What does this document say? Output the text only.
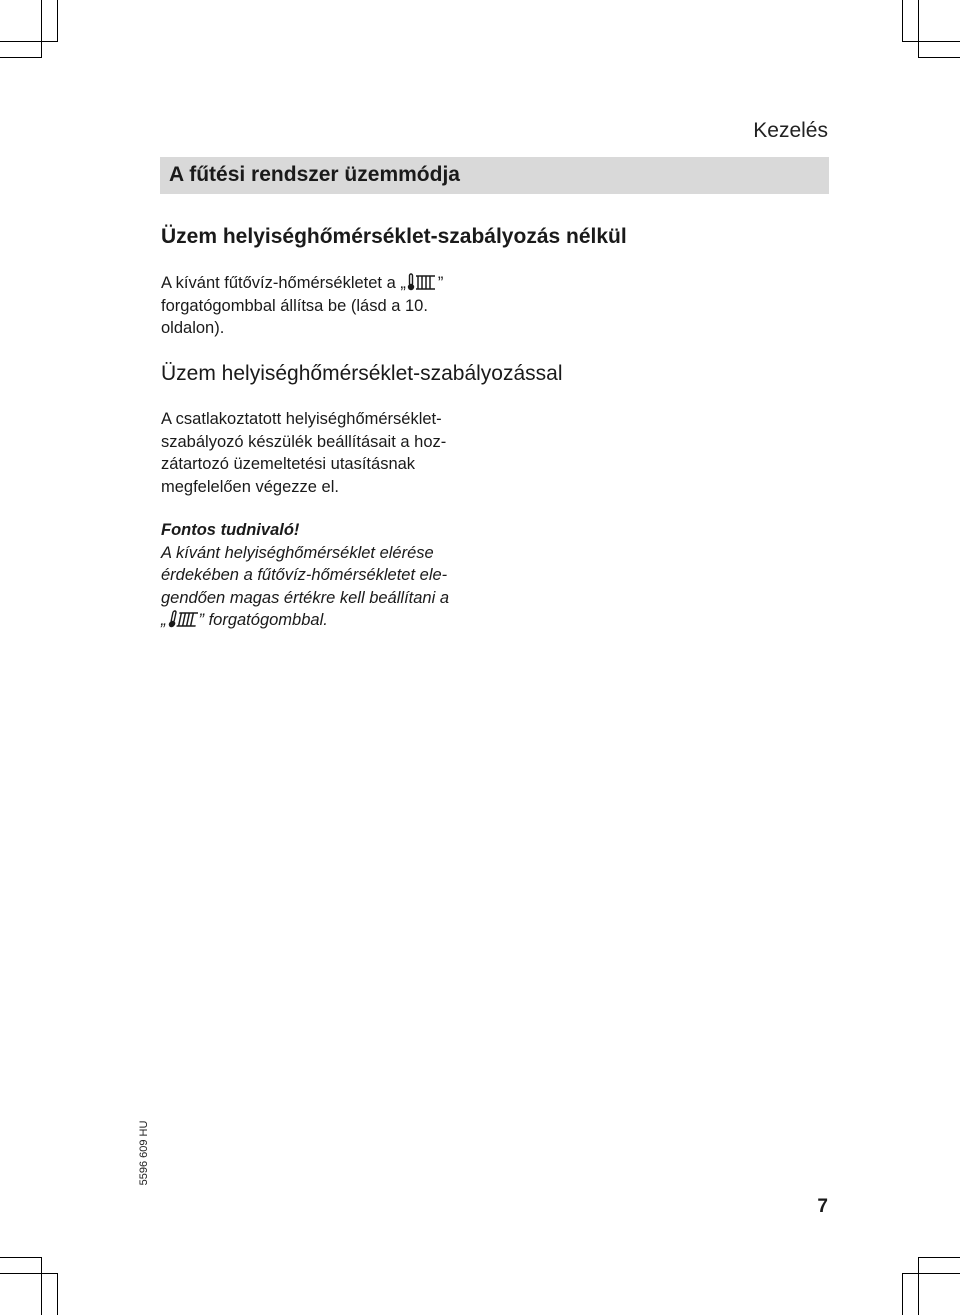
Kezelés
A fűtési rendszer üzemmódja
Üzem helyiséghőmérséklet-szabályozás nélkül
A kívánt fűtővíz-hőmérsékletet a „ ”
forgatógombbal állítsa be (lásd a 10.
oldalon).
Üzem helyiséghőmérséklet-szabályozással
A csatlakoztatott helyiséghőmérséklet-
szabályozó készülék beállításait a hoz-
zátartozó üzemeltetési utasításnak
megfelelően végezze el.
Fontos tudnivaló!
A kívánt helyiséghőmérséklet elérése
érdekében a fűtővíz-hőmérsékletet ele-
gendően magas értékre kell beállítani a
„ ” forgatógombbal.
5596 609 HU
7
